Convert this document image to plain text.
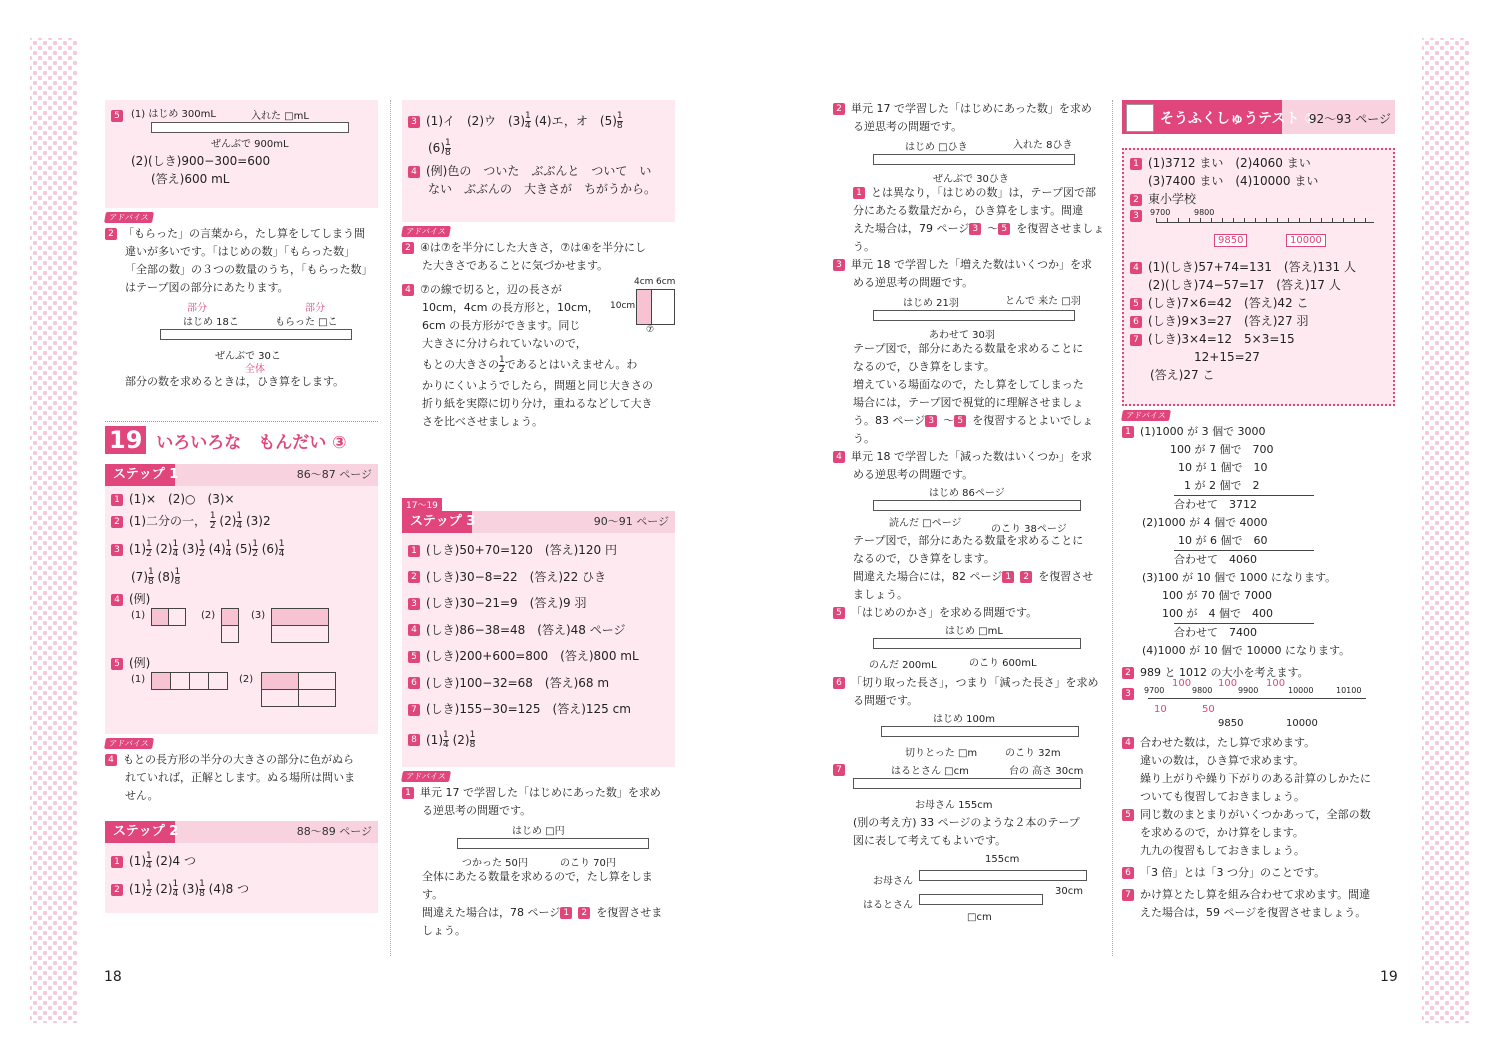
5 (1) はじめ 300mL	入れた □mL
ぜんぶで 900mL

(2)(しき)900−300=600

(答え)600 mL

アドバイス

2 「もらった」の言葉から，たし算をしてしまう間

違いが多いです。「はじめの数」「もらった数」

「全部の数」の３つの数量のうち，「もらった数」

はテープ図の部分にあたります。

部分	部分
はじめ 18こ	もらった □こ
ぜんぶで 30こ
全体

部分の数を求めるときは，ひき算をします。

19 いろいろな　もんだい ③
ステップ 1	86〜87 ページ

1 (1)×　(2)○　(3)×

2 (1)二分の一， $\frac{1}{2} (2) \frac{1}{4} (3)2$

3 $(1) \frac{1}{2} (2) \frac{1}{4} (3) \frac{1}{2} (4) \frac{1}{4} (5) \frac{1}{2} (6) \frac{1}{4}$

$(7) \frac{1}{8} (8) \frac{1}{8}$

4 (例)

(1)	(2)	(3)

5 (例)

(1)	(2)
アドバイス

4 もとの長方形の半分の大きさの部分に色がぬら

れていれば，正解とします。ぬる場所は問いま

せん。

ステップ 2	88〜89 ページ

1 $(1) \frac{1}{4} (2)4$ つ

2 $(1) \frac{1}{2} (2) \frac{1}{4} (3) \frac{1}{8} (4)8$ つ

3 (1)イ　(2)ウ　$(3) \frac{1}{4} (4)$エ，オ　$(5) \frac{1}{8}$

$(6) \frac{1}{8}$

4 (例)色の　ついた　ぶぶんと　ついて　い

ない　ぶぶんの　大きさが　ちがうから。

アドバイス

2 ④は⑦を半分にした大きさ，⑦は④を半分にし

た大きさであることに気づかせます。

4 ⑦の線で切ると，辺の長さが

10cm，4cm の長方形と，10cm，

6cm の長方形ができます。同じ

大きさに分けられていないので，

もとの大きさの $\frac{1}{2}$ であるとはいえません。わ

かりにくいようでしたら，問題と同じ大きさの

折り紙を実際に切り分け，重ねるなどして大き

さを比べさせましょう。

4cm 6cm
10cm
⑦
17〜19
ステップ 3	90〜91 ページ

1 (しき)50+70=120　(答え)120 円

2 (しき)30−8=22　(答え)22 ひき

3 (しき)30−21=9　(答え)9 羽

4 (しき)86−38=48　(答え)48 ページ

5 (しき)200+600=800　(答え)800 mL

6 (しき)100−32=68　(答え)68 m

7 (しき)155−30=125　(答え)125 cm

8 $(1) \frac{1}{4} (2) \frac{1}{8}$

アドバイス

1 単元 17 で学習した「はじめにあった数」を求め

る逆思考の問題です。

はじめ □円
つかった 50円	のこり 70円

全体にあたる数量を求めるので，たし算をしま

す。

間違えた場合は，78 ページ 1 2 を復習させま

しょう。

2 単元 17 で学習した「はじめにあった数」を求め

る逆思考の問題です。

はじめ □ひき	入れた 8ひき
ぜんぶで 30ひき

1 とは異なり，「はじめの数」は，テープ図で部

分にあたる数量だから，ひき算をします。間違

えた場合は，79 ページ 3 〜 5 を復習させましょ

う。

3 単元 18 で学習した「増えた数はいくつか」を求

める逆思考の問題です。

はじめ 21羽	とんで 来た □羽
あわせて 30羽

テープ図で，部分にあたる数量を求めることに

なるので，ひき算をします。

増えている場面なので，たし算をしてしまった

場合には，テープ図で視覚的に理解させましょ

う。83 ページ 3 〜 5 を復習するとよいでしょ

う。

4 単元 18 で学習した「減った数はいくつか」を求

める逆思考の問題です。

はじめ 86ページ
読んだ □ページ
のこり 38ページ

テープ図で，部分にあたる数量を求めることに

なるので，ひき算をします。

間違えた場合には，82 ページ 1 2 を復習させ

ましょう。

5 「はじめのかさ」を求める問題です。

はじめ □mL
のんだ 200mL	のこり 600mL

6 「切り取った長さ」，つまり「減った長さ」を求め

る問題です。

はじめ 100m
切りとった □m	のこり 32m
7	はるとさん □cm	台の 高さ 30cm
お母さん 155cm

(別の考え方) 33 ページのような２本のテープ

図に表して考えてもよいです。

155cm
お母さん
はるとさん
30cm
□cm
そうふくしゅうテスト ①
92〜93 ページ

1 (1)3712 まい　(2)4060 まい

(3)7400 まい　(4)10000 まい

2 東小学校

3	9700	9800
9850	10000

4 (1)(しき)57+74=131　(答え)131 人

(2)(しき)74−57=17　(答え)17 人

5 (しき)7×6=42　(答え)42 こ

6 (しき)9×3=27　(答え)27 羽

7 (しき)3×4=12　5×3=15

12+15=27

(答え)27 こ

アドバイス

1 (1)1000 が 3 個で 3000

100 が 7 個で　700

10 が 1 個で　10

1 が 2 個で　2

合わせて　3712

(2)1000 が 4 個で 4000

10 が 6 個で　60

合わせて　4060

(3)100 が 10 個で 1000 になります。

100 が 70 個で 7000

100 が　4 個で　400

合わせて　7400

(4)1000 が 10 個で 10000 になります。

2 989 と 1012 の大小を考えます。

3	9700	9800	9900	10000	10100
100	100	100
10	50
9850	10000

4 合わせた数は，たし算で求めます。

違いの数は，ひき算で求めます。

繰り上がりや繰り下がりのある計算のしかたに

ついても復習しておきましょう。

5 同じ数のまとまりがいくつかあって，全部の数

を求めるので，かけ算をします。

九九の復習もしておきましょう。

6 「3 倍」とは「3 つ分」のことです。

7 かけ算とたし算を組み合わせて求めます。間違

えた場合は，59 ページを復習させましょう。

18	19
